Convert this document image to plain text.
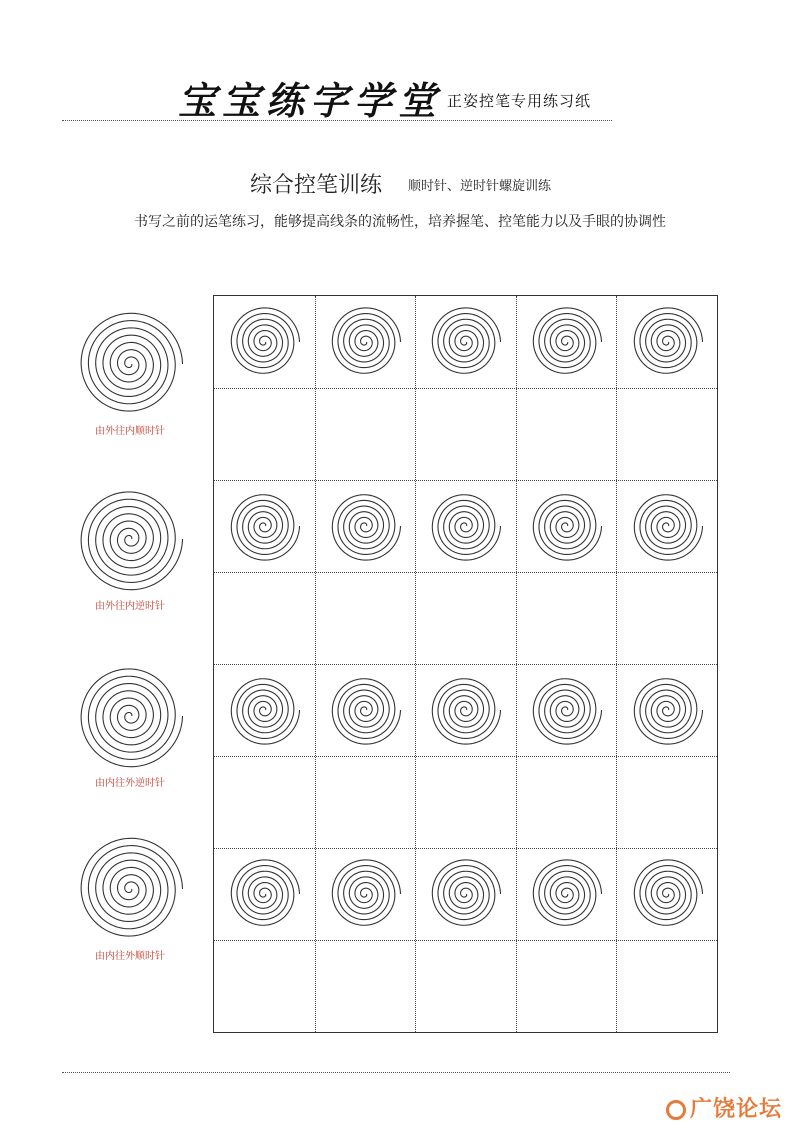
宝宝练字学堂 正姿控笔专用练习纸
综合控笔训练 顺时针、逆时针螺旋训练
书写之前的运笔练习，能够提高线条的流畅性，培养握笔、控笔能力以及手眼的协调性
由外往内顺时针
由外往内逆时针
由内往外逆时针
由内往外顺时针
广饶论坛
